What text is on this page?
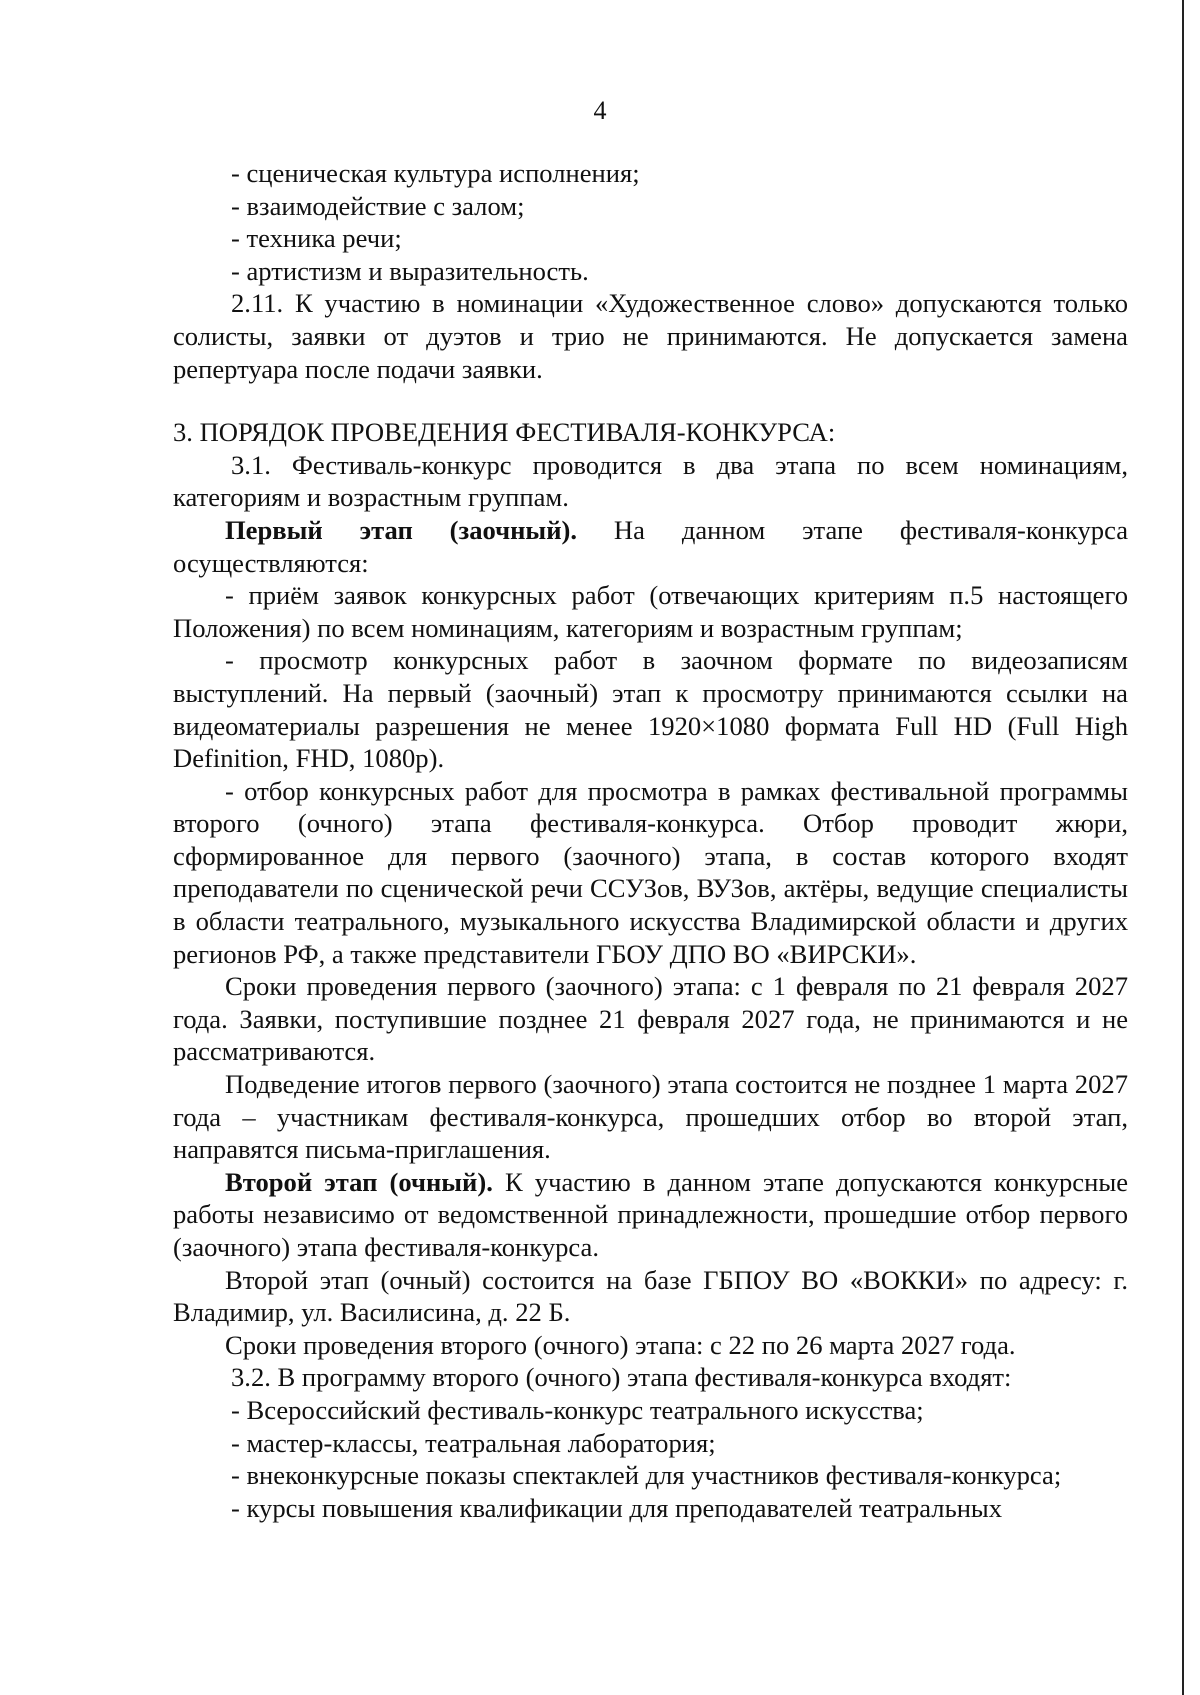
4

- сценическая культура исполнения;

- взаимодействие с залом;

- техника речи;

- артистизм и выразительность.

2.11. К участию в номинации «Художественное слово» допускаются только солисты, заявки от дуэтов и трио не принимаются. Не допускается замена репертуара после подачи заявки.

3. ПОРЯДОК ПРОВЕДЕНИЯ ФЕСТИВАЛЯ-КОНКУРСА:

3.1. Фестиваль-конкурс проводится в два этапа по всем номинациям, категориям и возрастным группам.

Первый этап (заочный). На данном этапе фестиваля-конкурса осуществляются:

- приём заявок конкурсных работ (отвечающих критериям п.5 настоящего Положения) по всем номинациям, категориям и возрастным группам;

- просмотр конкурсных работ в заочном формате по видеозаписям выступлений. На первый (заочный) этап к просмотру принимаются ссылки на видеоматериалы разрешения не менее 1920×1080 формата Full HD (Full High Definition, FHD, 1080p).

- отбор конкурсных работ для просмотра в рамках фестивальной программы второго (очного) этапа фестиваля-конкурса. Отбор проводит жюри, сформированное для первого (заочного) этапа, в состав которого входят преподаватели по сценической речи ССУЗов, ВУЗов, актёры, ведущие специалисты в области театрального, музыкального искусства Владимирской области и других регионов РФ, а также представители ГБОУ ДПО ВО «ВИРСКИ».

Сроки проведения первого (заочного) этапа: с 1 февраля по 21 февраля 2027 года. Заявки, поступившие позднее 21 февраля 2027 года, не принимаются и не рассматриваются.

Подведение итогов первого (заочного) этапа состоится не позднее 1 марта 2027 года – участникам фестиваля-конкурса, прошедших отбор во второй этап, направятся письма-приглашения.

Второй этап (очный). К участию в данном этапе допускаются конкурсные работы независимо от ведомственной принадлежности, прошедшие отбор первого (заочного) этапа фестиваля-конкурса.

Второй этап (очный) состоится на базе ГБПОУ ВО «ВОККИ» по адресу: г. Владимир, ул. Василисина, д. 22 Б.

Сроки проведения второго (очного) этапа: с 22 по 26 марта 2027 года.

3.2. В программу второго (очного) этапа фестиваля-конкурса входят:

- Всероссийский фестиваль-конкурс театрального искусства;

- мастер-классы, театральная лаборатория;

- внеконкурсные показы спектаклей для участников фестиваля-конкурса;

- курсы повышения квалификации для преподавателей театральных
